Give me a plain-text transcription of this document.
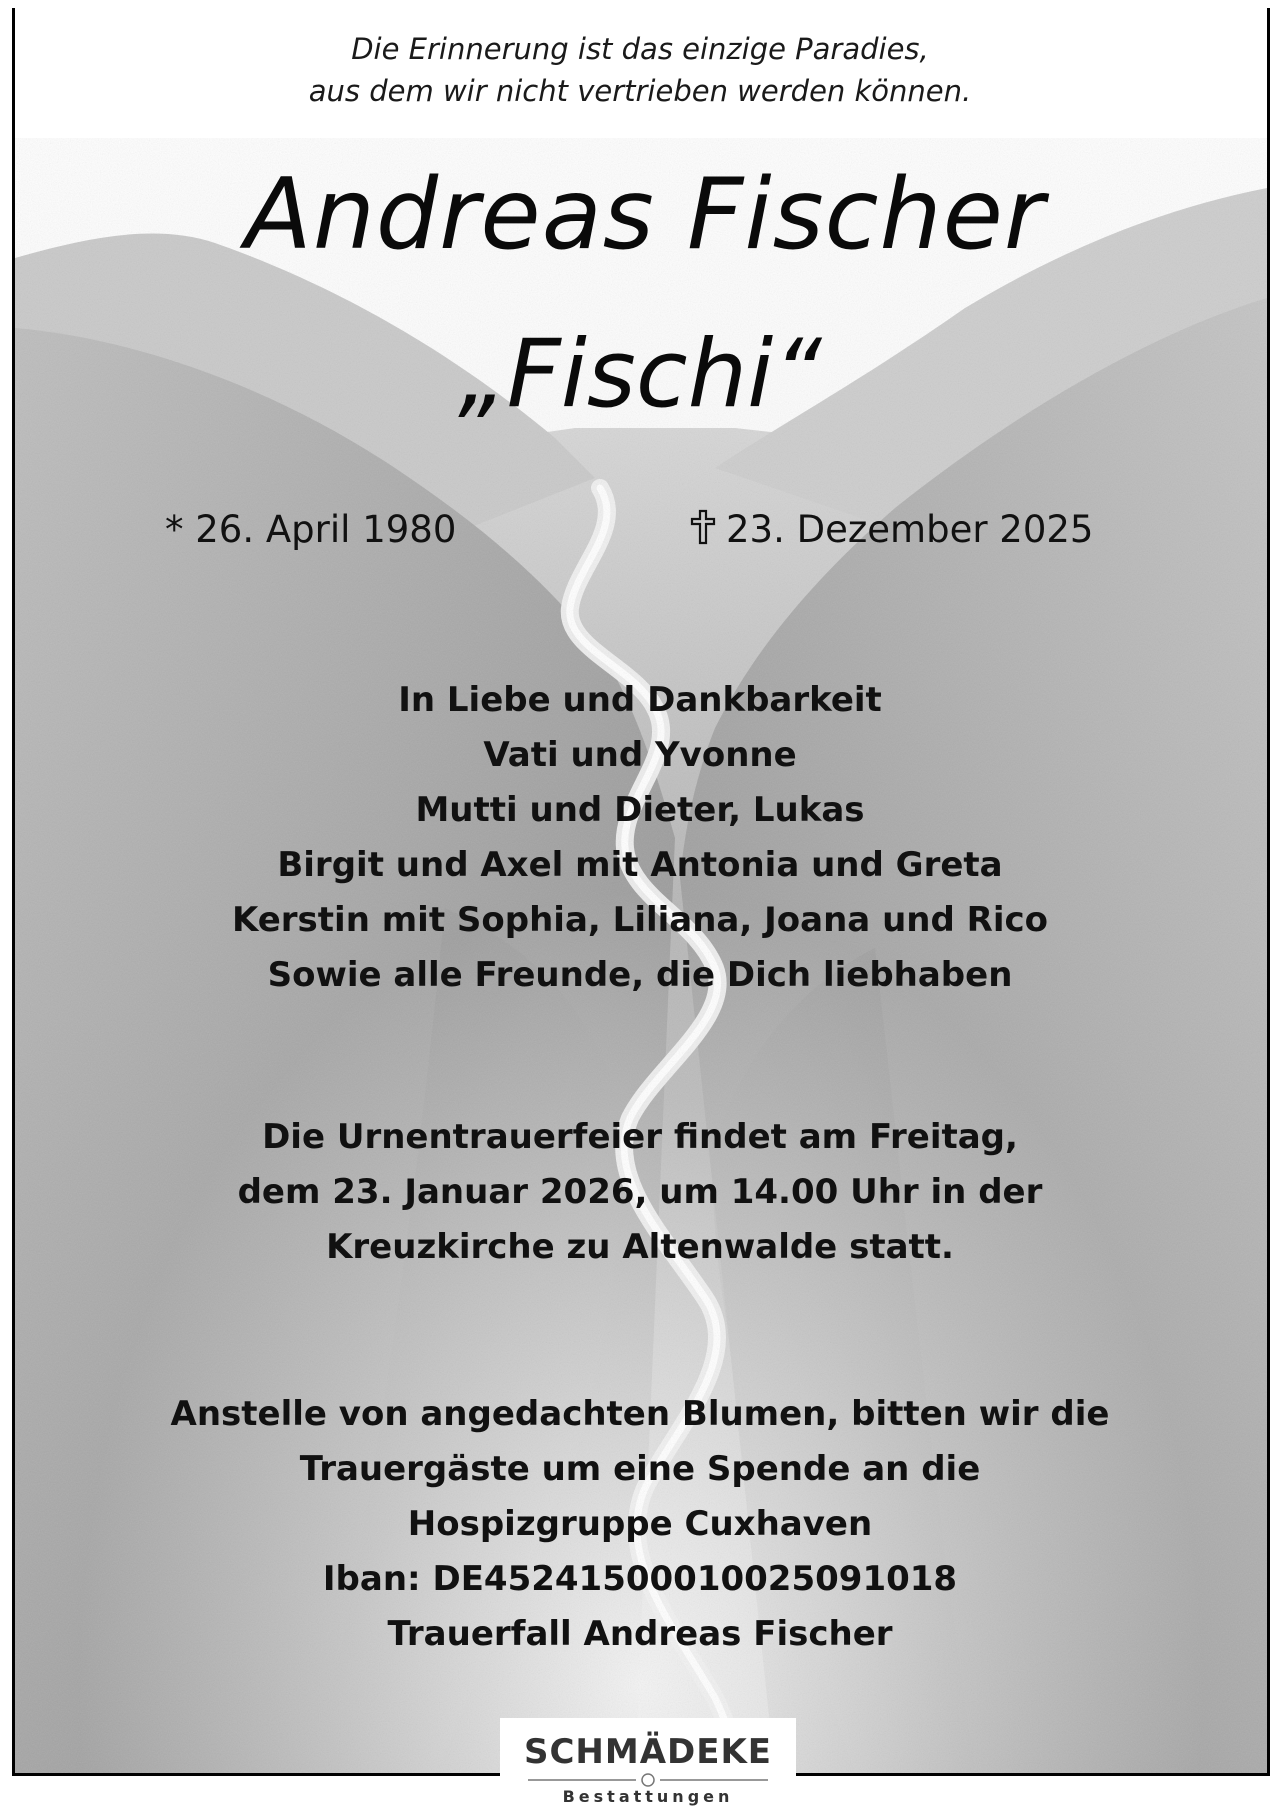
Die Erinnerung ist das einzige Paradies,
aus dem wir nicht vertrieben werden können.
Andreas Fischer
„Fischi“
* 26. April 1980	23. Dezember 2025
In Liebe und Dankbarkeit
Vati und Yvonne
Mutti und Dieter, Lukas
Birgit und Axel mit Antonia und Greta
Kerstin mit Sophia, Liliana, Joana und Rico
Sowie alle Freunde, die Dich liebhaben
Die Urnentrauerfeier findet am Freitag,
dem 23. Januar 2026, um 14.00 Uhr in der
Kreuzkirche zu Altenwalde statt.
Anstelle von angedachten Blumen, bitten wir die
Trauergäste um eine Spende an die
Hospizgruppe Cuxhaven
Iban: DE45241500010025091018
Trauerfall Andreas Fischer
SCHMÄDEKE
Bestattungen
